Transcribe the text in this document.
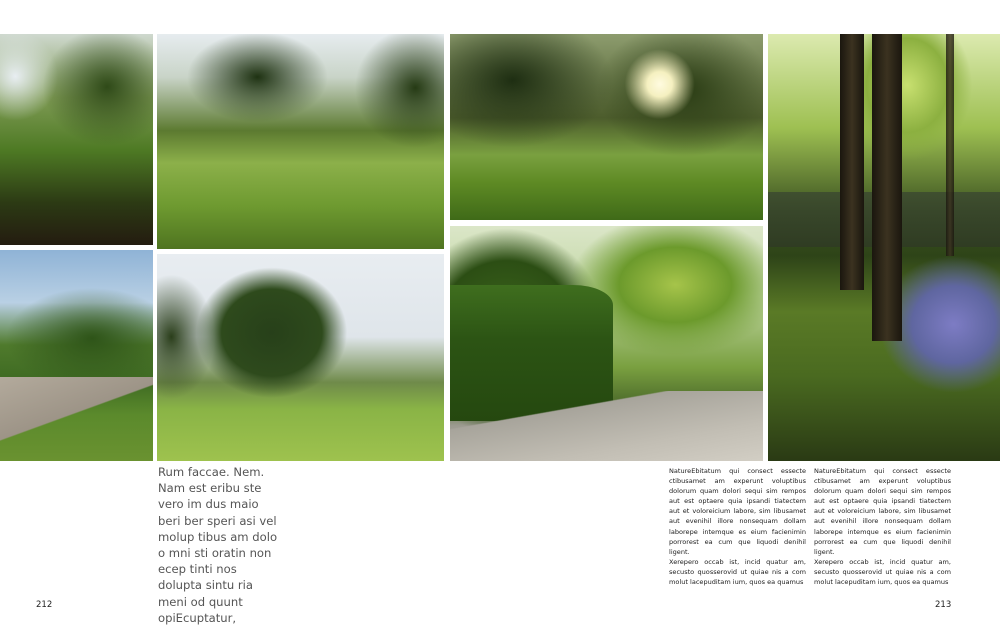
Rum faccae. Nem. Nam est eribu ste vero im dus maio beri ber speri asi vel molup tibus am dolo o mni sti oratin non ecep tinti nos dolupta sintu ria meni od quunt opiEcuptatur,
212

NatureEbitatum qui consect essecte ctibusamet am experunt voluptibus dolorum quam dolori sequi sim rempos aut est optaere quia ipsandi tiatectem aut et voloreicium labore, sim libusamet aut evenihil illore nonsequam dollam laborepe intemque es eium facienimin porrorest ea cum que liquodi denihil ligent.

Xerepero occab ist, incid quatur am, secusto quosserovid ut quiae nis a com molut lacepuditam ium, quos ea quamus

NatureEbitatum qui consect essecte ctibusamet am experunt voluptibus dolorum quam dolori sequi sim rempos aut est optaere quia ipsandi tiatectem aut et voloreicium labore, sim libusamet aut evenihil illore nonsequam dollam laborepe intemque es eium facienimin porrorest ea cum que liquodi denihil ligent.

Xerepero occab ist, incid quatur am, secusto quosserovid ut quiae nis a com molut lacepuditam ium, quos ea quamus

213
